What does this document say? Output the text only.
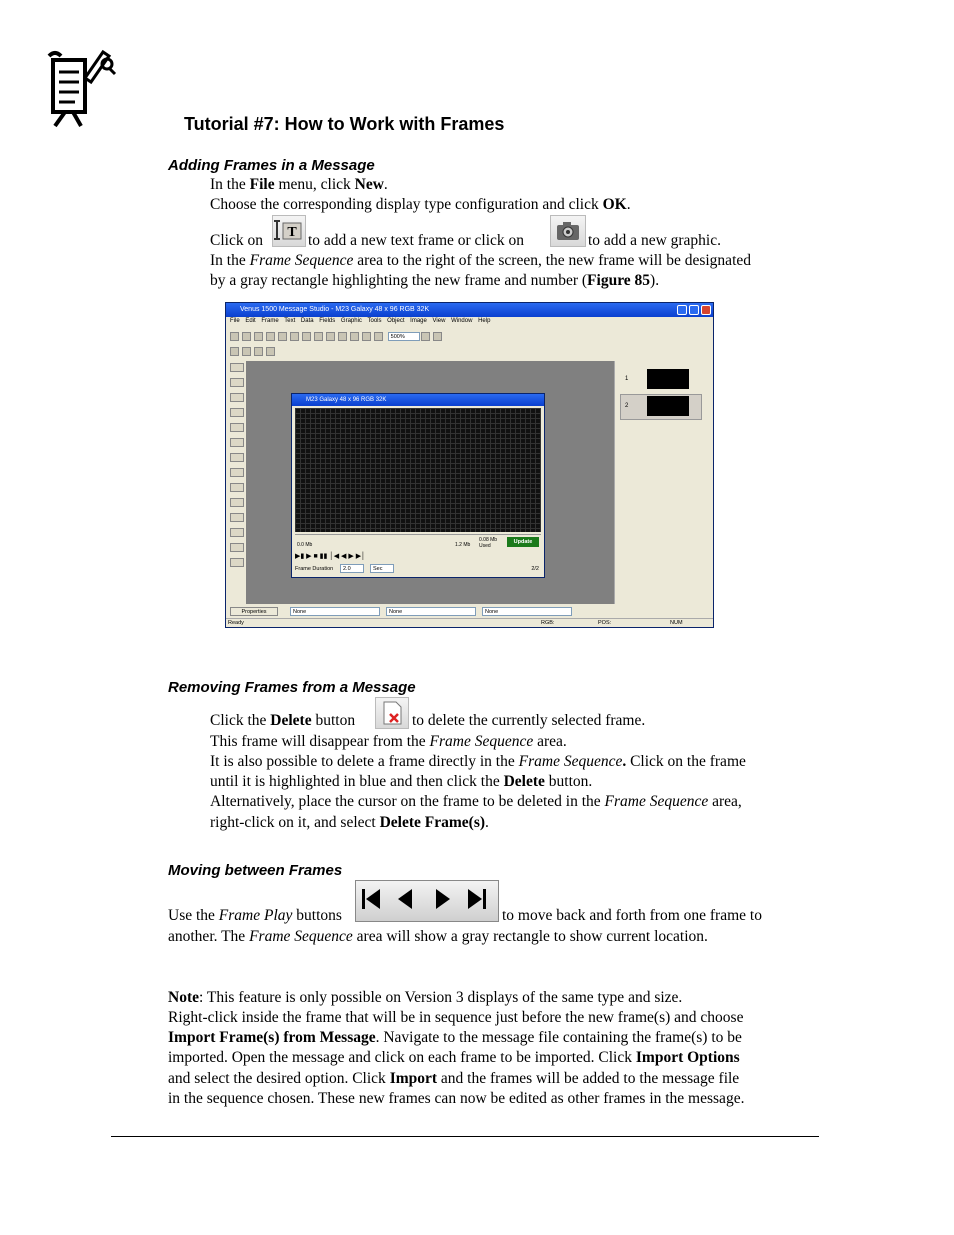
Tutorial #7: How to Work with Frames
Adding Frames in a Message
In the File menu, click New.
Choose the corresponding display type configuration and click OK.
Click on T to add a new text frame or click on	to add a new graphic.
In the Frame Sequence area to the right of the screen, the new frame will be designated
by a gray rectangle highlighting the new frame and number (Figure 85).
Venus 1500 Message Studio - M23 Galaxy 48 x 96 RGB 32K
File Edit Frame Text Data Fields Graphic Tools Object Image View Window Help
500%
M23 Galaxy 48 x 96 RGB 32K
0.0 Mb	1.2 Mb
0.08 Mb Used
Update
▶▮ ▶ ■ ▮▮ │◀ ◀ ▶ ▶│
Frame Duration	2.0	Sec	2/2
1
2
Properties	None	None	None
Ready	RGB:	POS:	NUM
Removing Frames from a Message
Click the Delete button	to delete the currently selected frame.
This frame will disappear from the Frame Sequence area.
It is also possible to delete a frame directly in the Frame Sequence. Click on the frame
until it is highlighted in blue and then click the Delete button.
Alternatively, place the cursor on the frame to be deleted in the Frame Sequence area,
right-click on it, and select Delete Frame(s).
Moving between Frames
Use the Frame Play buttons	to move back and forth from one frame to
another. The Frame Sequence area will show a gray rectangle to show current location.
Note: This feature is only possible on Version 3 displays of the same type and size.
Right-click inside the frame that will be in sequence just before the new frame(s) and choose
Import Frame(s) from Message. Navigate to the message file containing the frame(s) to be
imported. Open the message and click on each frame to be imported. Click Import Options
and select the desired option. Click Import and the frames will be added to the message file
in the sequence chosen. These new frames can now be edited as other frames in the message.
